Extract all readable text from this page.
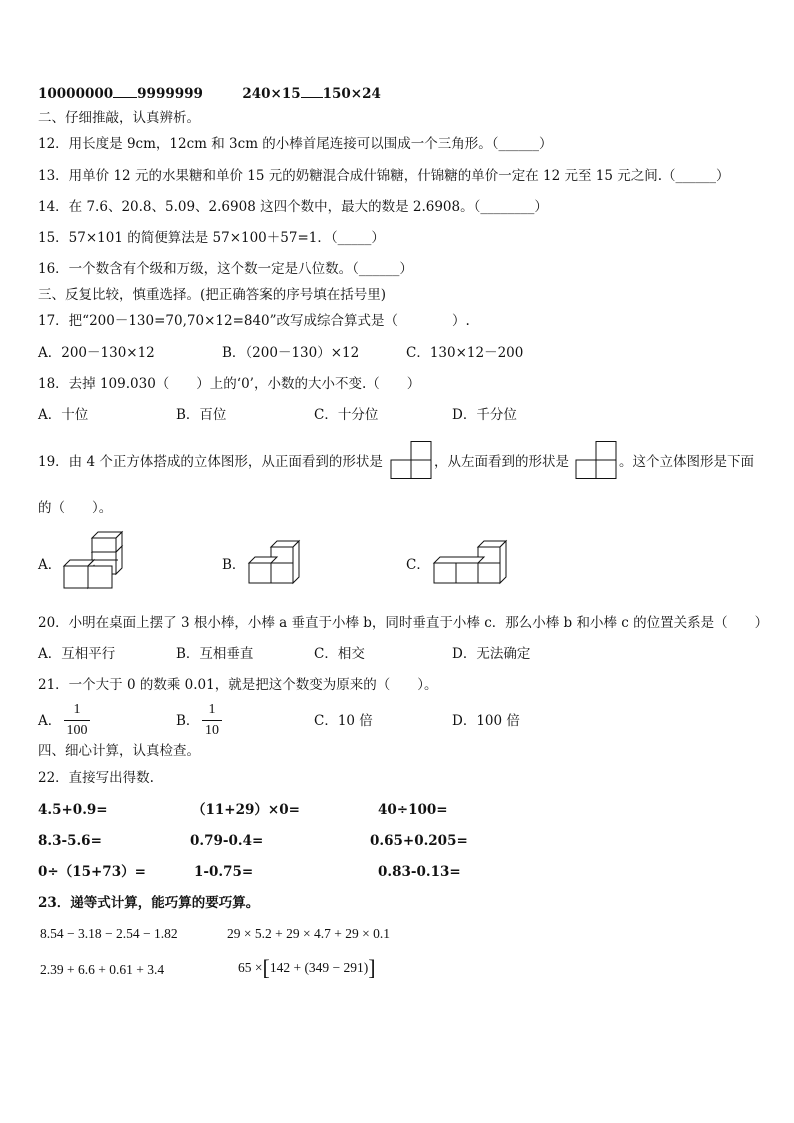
10000000 9999999	240×15 150×24
二、仔细推敲，认真辨析。
12．用长度是 9cm，12cm 和 3cm 的小棒首尾连接可以围成一个三角形。（______）
13．用单价 12 元的水果糖和单价 15 元的奶糖混合成什锦糖，什锦糖的单价一定在 12 元至 15 元之间.（______）
14．在 7.6、20.8、5.09、2.6908 这四个数中，最大的数是 2.6908。（________）
15．57×101 的简便算法是 57×100＋57=1．（_____）
16．一个数含有个级和万级，这个数一定是八位数。（______）
三、反复比较，慎重选择。(把正确答案的序号填在括号里)
17．把“200－130=70,70×12=840”改写成综合算式是（　　　　）.
A．200－130×12	B．（200－130）×12	C．130×12－200
18．去掉 109.030（　　）上的‘0’，小数的大小不变.（　　）
A．十位	B．百位	C．十分位	D．千分位
19．由 4 个正方体搭成的立体图形，从正面看到的形状是	，从左面看到的形状是	。这个立体图形是下面
的（　　）。
A．	B．	C．
20．小明在桌面上摆了 3 根小棒，小棒 a 垂直于小棒 b，同时垂直于小棒 c．那么小棒 b 和小棒 c 的位置关系是（　　）
A．互相平行	B．互相垂直	C．相交	D．无法确定
21．一个大于 0 的数乘 0.01，就是把这个数变为原来的（　　）。
A．
1
100
B．
1
10
C．10 倍	D．100 倍
四、细心计算，认真检查。
22．直接写出得数.
4.5+0.9=	（11+29）×0=	40÷100=
8.3-5.6=	0.79-0.4=	0.65+0.205=
0÷（15+73）=	1-0.75=	0.83-0.13=
23．递等式计算，能巧算的要巧算。
8.54 − 3.18 − 2.54 − 1.82	29 × 5.2 + 29 × 4.7 + 29 × 0.1
2.39 + 6.6 + 0.61 + 3.4	65 ×[142 + (349 − 291)]
